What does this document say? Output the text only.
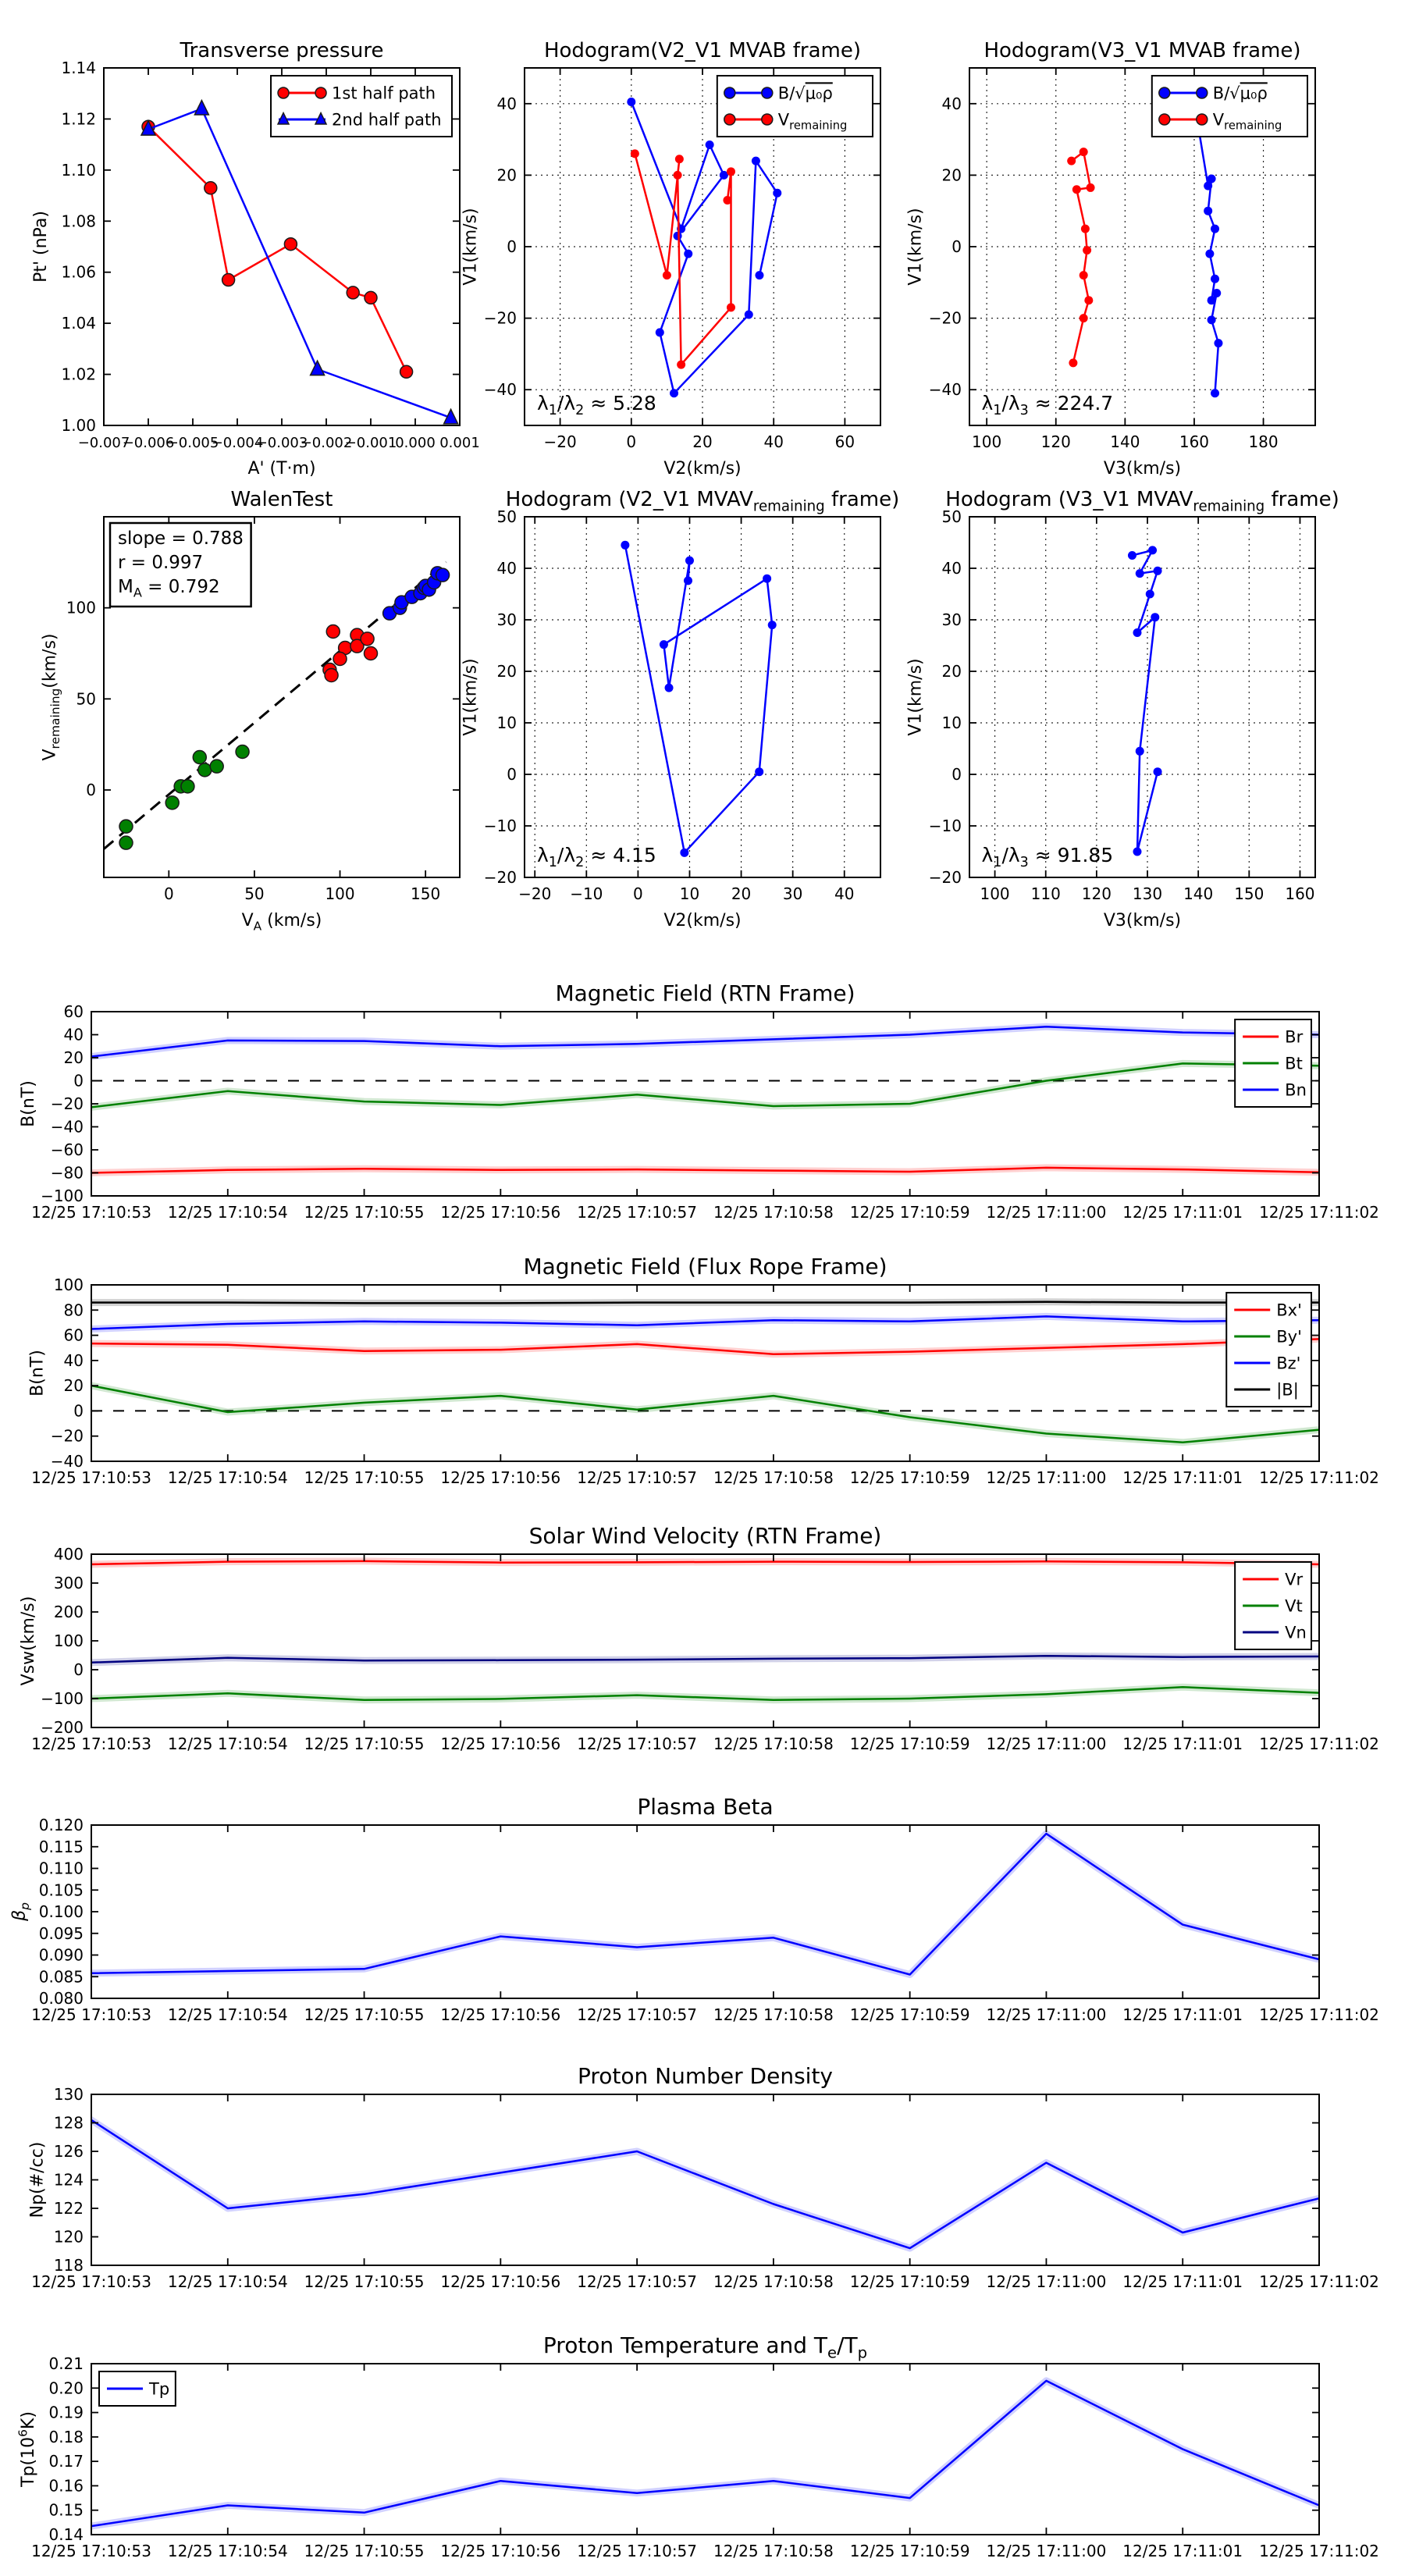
−0.007
−0.006
−0.005
−0.004
−0.003
−0.002
−0.001
0.000 0.001
1.00
1.02
1.04
1.06
1.08
1.10
1.12
1.14
Transverse pressure
A' (T·m)
Pt' (nPa)
1st half path
2nd half path
−20	0	20	40	60
−40
−20
0
20
40
Hodogram(V2_V1 MVAB frame)
V2(km/s)
V1(km/s)
B/√μ₀ρ
$V_{remaining}$
$\lambda_1/\lambda_2 \approx 5.28$
100	120	140	160	180
−40
−20
0
20
40
Hodogram(V3_V1 MVAB frame)
V3(km/s)
V1(km/s)
B/√μ₀ρ
$V_{remaining}$
$\lambda_1/\lambda_3 \approx 224.7$
0	50	100	150
0
50
100
WalenTest
$V_A$ (km/s)
$V_{remaining}(km/s)$
slope = 0.788
r = 0.997
$M_A = 0.792$
−20 −10 0 10 20 30 40
−20
−10
0
10
20
30
40
50
Hodogram (V2_V1 $MVAV_{remaining}$ frame)
V2(km/s)
V1(km/s)
$\lambda_1/\lambda_2 \approx 4.15$
100 110 120 130 140 150 160
−20
−10
0
10
20
30
40
50
Hodogram (V3_V1 $MVAV_{remaining}$ frame)
V3(km/s)
V1(km/s)
$\lambda_1/\lambda_3 \approx 91.85$
12/25 17:10:53 12/25 17:10:54 12/25 17:10:55 12/25 17:10:56 12/25 17:10:57 12/25 17:10:58 12/25 17:10:59 12/25 17:11:00 12/25 17:11:01 12/25 17:11:02
−100
−80
−60
−40
−20
0
20
40
60
Magnetic Field (RTN Frame)
B(nT)
Br
Bt
Bn
12/25 17:10:53 12/25 17:10:54 12/25 17:10:55 12/25 17:10:56 12/25 17:10:57 12/25 17:10:58 12/25 17:10:59 12/25 17:11:00 12/25 17:11:01 12/25 17:11:02
−40
−20
0
20
40
60
80
100
Magnetic Field (Flux Rope Frame)
B(nT)
Bx'
By'
Bz'
|B|
12/25 17:10:53 12/25 17:10:54 12/25 17:10:55 12/25 17:10:56 12/25 17:10:57 12/25 17:10:58 12/25 17:10:59 12/25 17:11:00 12/25 17:11:01 12/25 17:11:02
−200
−100
0
100
200
300
400
Solar Wind Velocity (RTN Frame)
Vsw(km/s)
Vr
Vt
Vn
12/25 17:10:53 12/25 17:10:54 12/25 17:10:55 12/25 17:10:56 12/25 17:10:57 12/25 17:10:58 12/25 17:10:59 12/25 17:11:00 12/25 17:11:01 12/25 17:11:02
0.080
0.085
0.090
0.095
0.100
0.105
0.110
0.115
0.120
Plasma Beta
$\beta_p$
12/25 17:10:53 12/25 17:10:54 12/25 17:10:55 12/25 17:10:56 12/25 17:10:57 12/25 17:10:58 12/25 17:10:59 12/25 17:11:00 12/25 17:11:01 12/25 17:11:02
118
120
122
124
126
128
130
Proton Number Density
Np(#/cc)
12/25 17:10:53 12/25 17:10:54 12/25 17:10:55 12/25 17:10:56 12/25 17:10:57 12/25 17:10:58 12/25 17:10:59 12/25 17:11:00 12/25 17:11:01 12/25 17:11:02
0.14
0.15
0.16
0.17
0.18
0.19
0.20
0.21
Proton Temperature and $T_e/T_p$
$Tp(10^6K)$
Tp
